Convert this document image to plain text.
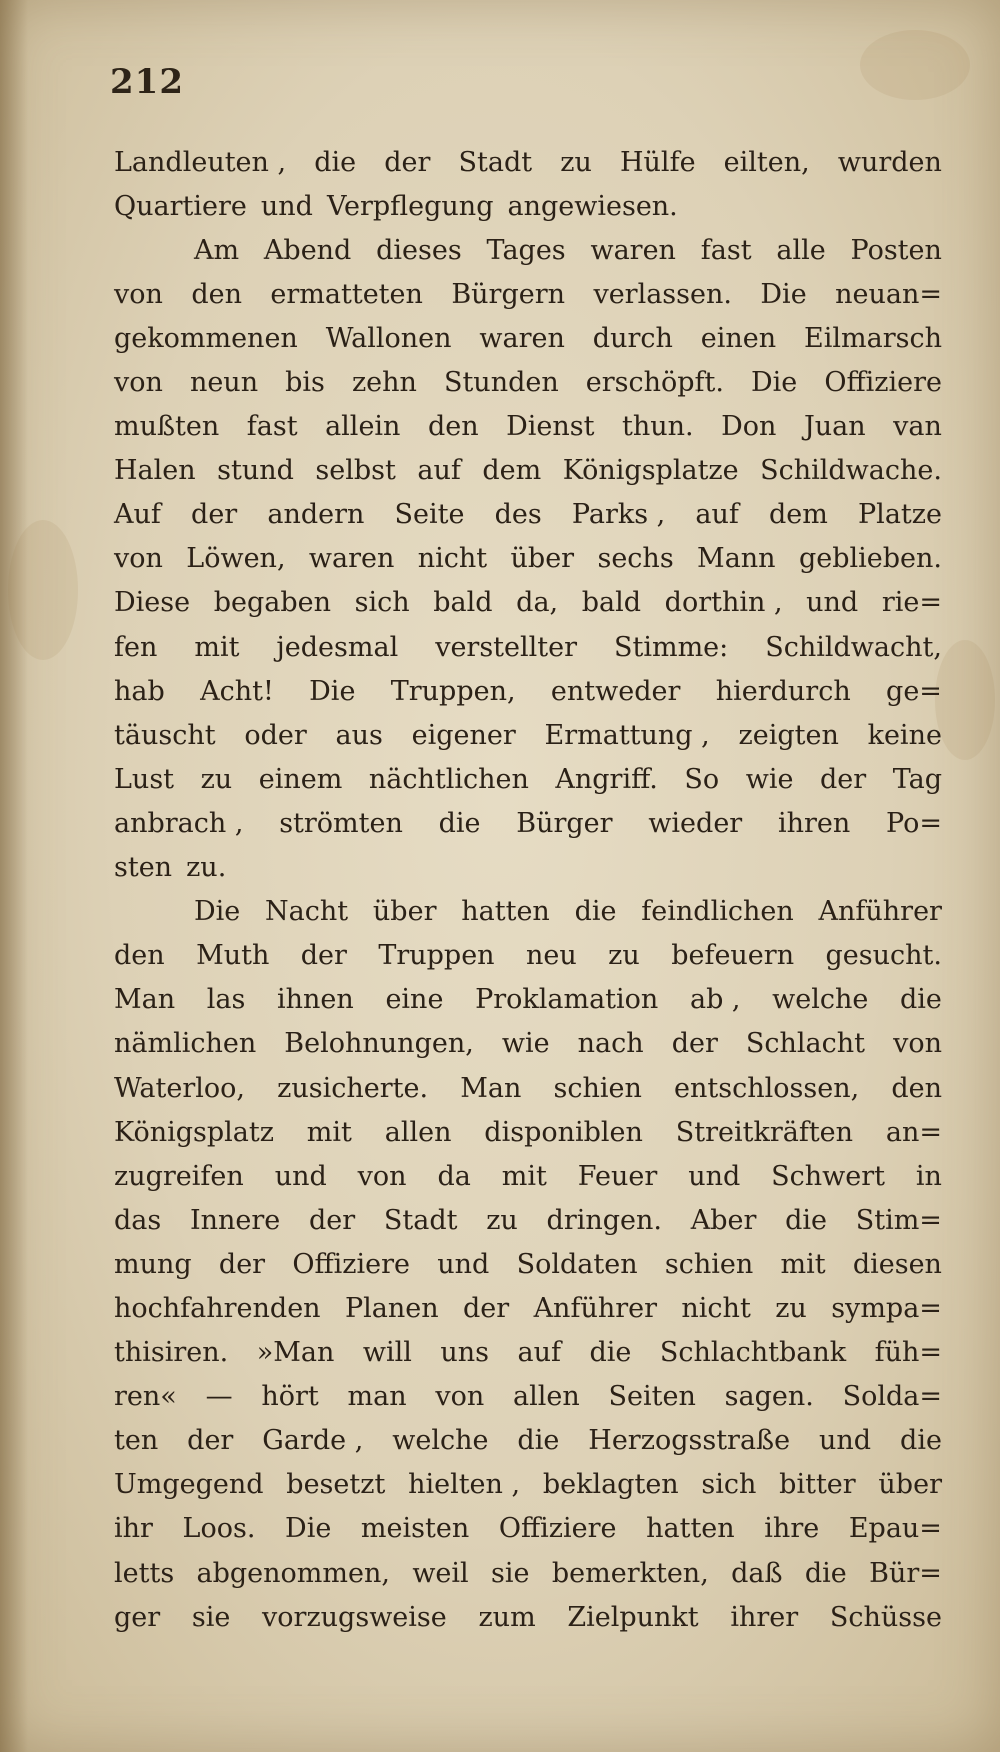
212
Landleuten , die der Stadt zu Hülfe eilten, wurden
Quartiere und Verpflegung angewiesen.
Am Abend dieses Tages waren fast alle Posten
von den ermatteten Bürgern verlassen. Die neuan=
gekommenen Wallonen waren durch einen Eilmarsch
von neun bis zehn Stunden erschöpft. Die Offiziere
mußten fast allein den Dienst thun. Don Juan van
Halen stund selbst auf dem Königsplatze Schildwache.
Auf der andern Seite des Parks , auf dem Platze
von Löwen, waren nicht über sechs Mann geblieben.
Diese begaben sich bald da, bald dorthin , und rie=
fen mit jedesmal verstellter Stimme: Schildwacht,
hab Acht! Die Truppen, entweder hierdurch ge=
täuscht oder aus eigener Ermattung , zeigten keine
Lust zu einem nächtlichen Angriff. So wie der Tag
anbrach , strömten die Bürger wieder ihren Po=
sten zu.
Die Nacht über hatten die feindlichen Anführer
den Muth der Truppen neu zu befeuern gesucht.
Man las ihnen eine Proklamation ab , welche die
nämlichen Belohnungen, wie nach der Schlacht von
Waterloo, zusicherte. Man schien entschlossen, den
Königsplatz mit allen disponiblen Streitkräften an=
zugreifen und von da mit Feuer und Schwert in
das Innere der Stadt zu dringen. Aber die Stim=
mung der Offiziere und Soldaten schien mit diesen
hochfahrenden Planen der Anführer nicht zu sympa=
thisiren. »Man will uns auf die Schlachtbank füh=
ren« — hört man von allen Seiten sagen. Solda=
ten der Garde , welche die Herzogsstraße und die
Umgegend besetzt hielten , beklagten sich bitter über
ihr Loos. Die meisten Offiziere hatten ihre Epau=
letts abgenommen, weil sie bemerkten, daß die Bür=
ger sie vorzugsweise zum Zielpunkt ihrer Schüsse
